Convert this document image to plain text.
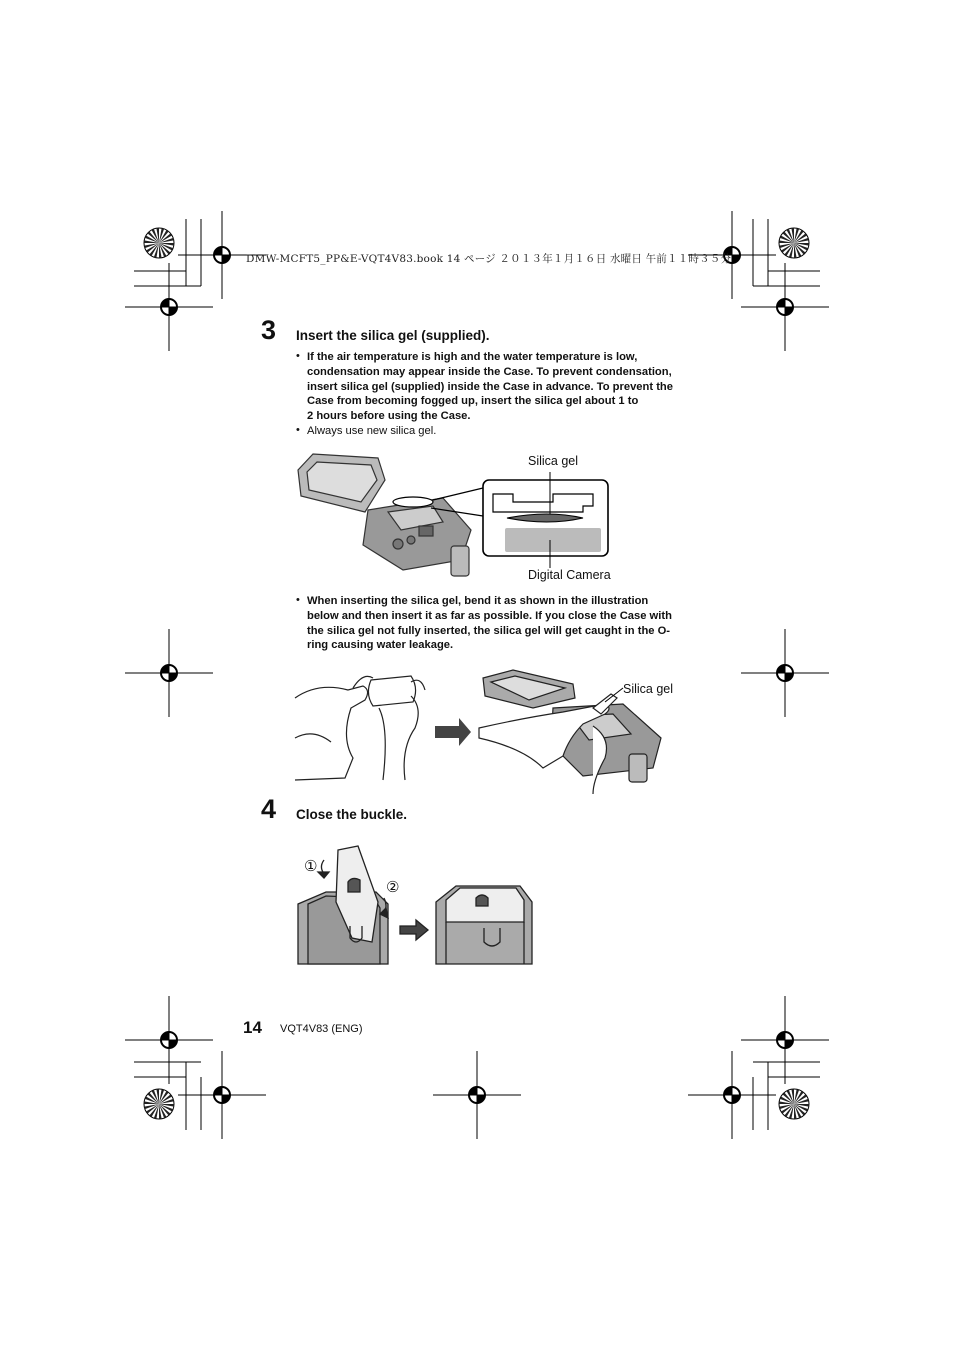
DMW-MCFT5_PP&E-VQT4V83.book 14 ページ ２０１３年１月１６日 水曜日 午前１１時３５分
3 Insert the silica gel (supplied).
• If the air temperature is high and the water temperature is low,
condensation may appear inside the Case. To prevent condensation,
insert silica gel (supplied) inside the Case in advance. To prevent the
Case from becoming fogged up, insert the silica gel about 1 to
2 hours before using the Case.
• Always use new silica gel.
Silica gel
Digital Camera
• When inserting the silica gel, bend it as shown in the illustration
below and then insert it as far as possible. If you close the Case with
the silica gel not fully inserted, the silica gel will get caught in the O-
ring causing water leakage.
Silica gel
4 Close the buckle.
①
②
14 VQT4V83 (ENG)
